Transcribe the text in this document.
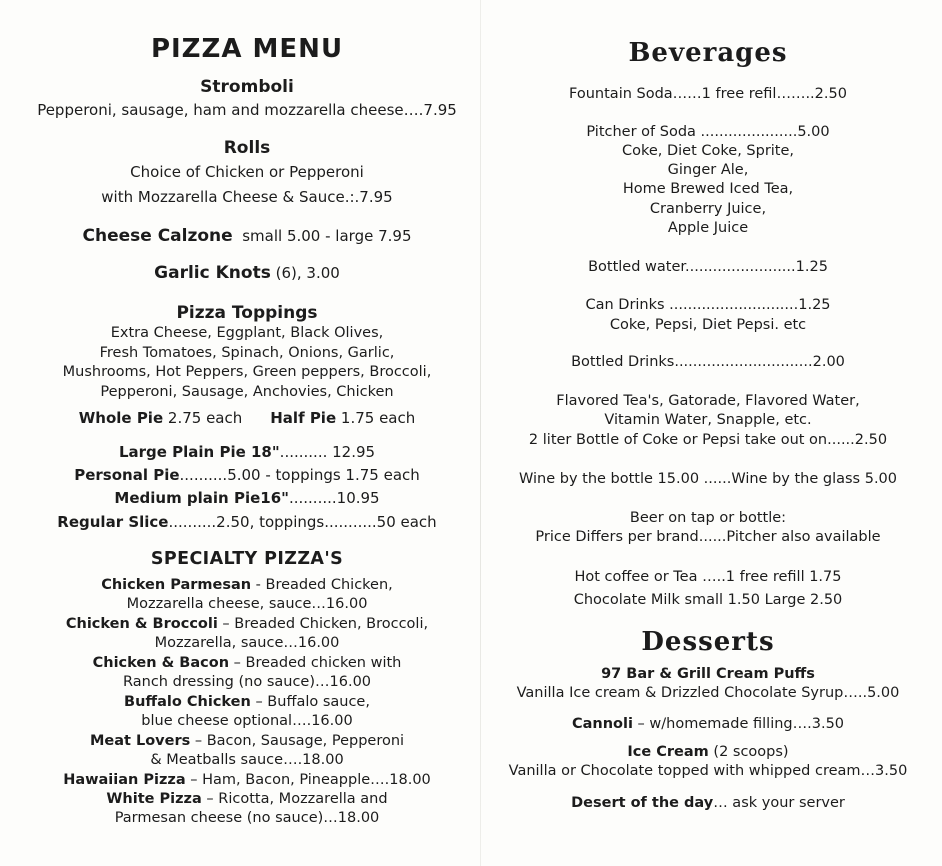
PIZZA MENU
Stromboli
Pepperoni, sausage, ham and mozzarella cheese….7.95
Rolls
Choice of Chicken or Pepperoni
with Mozzarella Cheese & Sauce.:.7.95
Cheese Calzone small 5.00 - large 7.95
Garlic Knots (6), 3.00
Pizza Toppings
Extra Cheese, Eggplant, Black Olives,
Fresh Tomatoes, Spinach, Onions, Garlic,
Mushrooms, Hot Peppers, Green peppers, Broccoli,
Pepperoni, Sausage, Anchovies, Chicken
Whole Pie 2.75 each Half Pie 1.75 each
Large Plain Pie 18".......... 12.95
Personal Pie..........5.00 - toppings 1.75 each
Medium plain Pie16"..........10.95
Regular Slice..........2.50, toppings...........50 each
SPECIALTY PIZZA'S
Chicken Parmesan - Breaded Chicken,
Mozzarella cheese, sauce…16.00
Chicken & Broccoli – Breaded Chicken, Broccoli,
Mozzarella, sauce…16.00
Chicken & Bacon – Breaded chicken with
Ranch dressing (no sauce)…16.00
Buffalo Chicken – Buffalo sauce,
blue cheese optional….16.00
Meat Lovers – Bacon, Sausage, Pepperoni
& Meatballs sauce….18.00
Hawaiian Pizza – Ham, Bacon, Pineapple….18.00
White Pizza – Ricotta, Mozzarella and
Parmesan cheese (no sauce)…18.00
Beverages
Fountain Soda……1 free refil……..2.50
Pitcher of Soda .....................5.00
Coke, Diet Coke, Sprite,
Ginger Ale,
Home Brewed Iced Tea,
Cranberry Juice,
Apple Juice
Bottled water........................1.25
Can Drinks ............................1.25
Coke, Pepsi, Diet Pepsi. etc
Bottled Drinks..............................2.00
Flavored Tea's, Gatorade, Flavored Water,
Vitamin Water, Snapple, etc.
2 liter Bottle of Coke or Pepsi take out on......2.50
Wine by the bottle 15.00 ......Wine by the glass 5.00
Beer on tap or bottle:
Price Differs per brand......Pitcher also available
Hot coffee or Tea …..1 free refill 1.75
Chocolate Milk small 1.50 Large 2.50
Desserts
97 Bar & Grill Cream Puffs
Vanilla Ice cream & Drizzled Chocolate Syrup…..5.00
Cannoli – w/homemade filling….3.50
Ice Cream (2 scoops)
Vanilla or Chocolate topped with whipped cream…3.50
Desert of the day… ask your server
